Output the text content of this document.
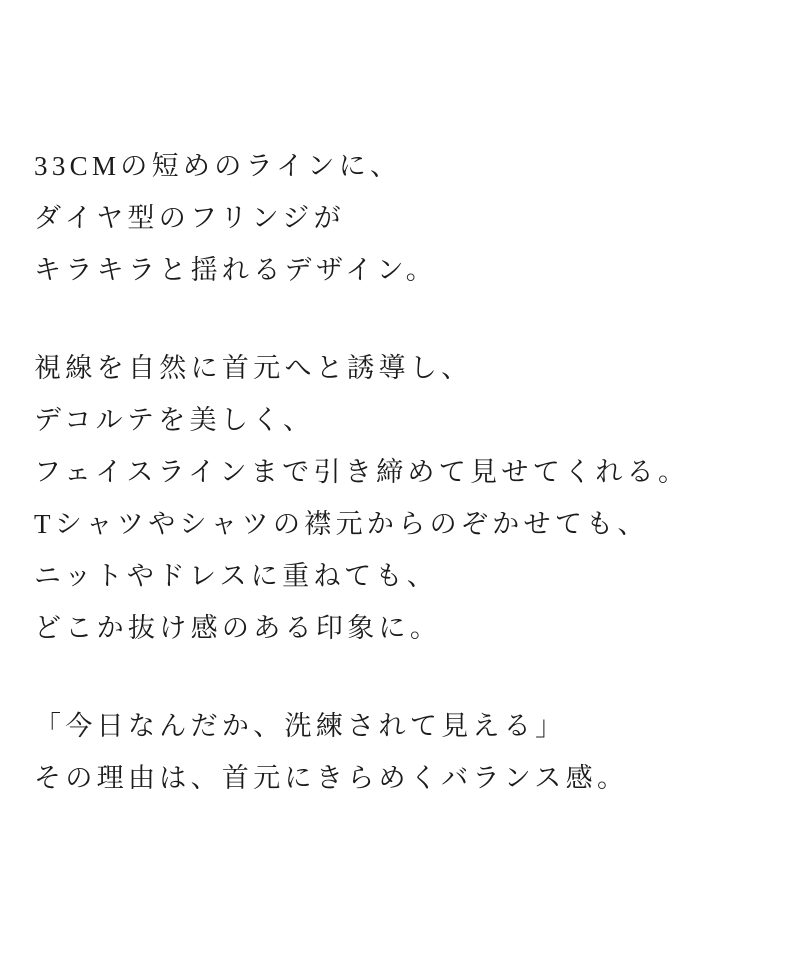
33CMの短めのラインに、
ダイヤ型のフリンジが
キラキラと揺れるデザイン。
視線を自然に首元へと誘導し、
デコルテを美しく、
フェイスラインまで引き締めて見せてくれる。
Tシャツやシャツの襟元からのぞかせても、
ニットやドレスに重ねても、
どこか抜け感のある印象に。
「今日なんだか、洗練されて見える」
その理由は、首元にきらめくバランス感。
